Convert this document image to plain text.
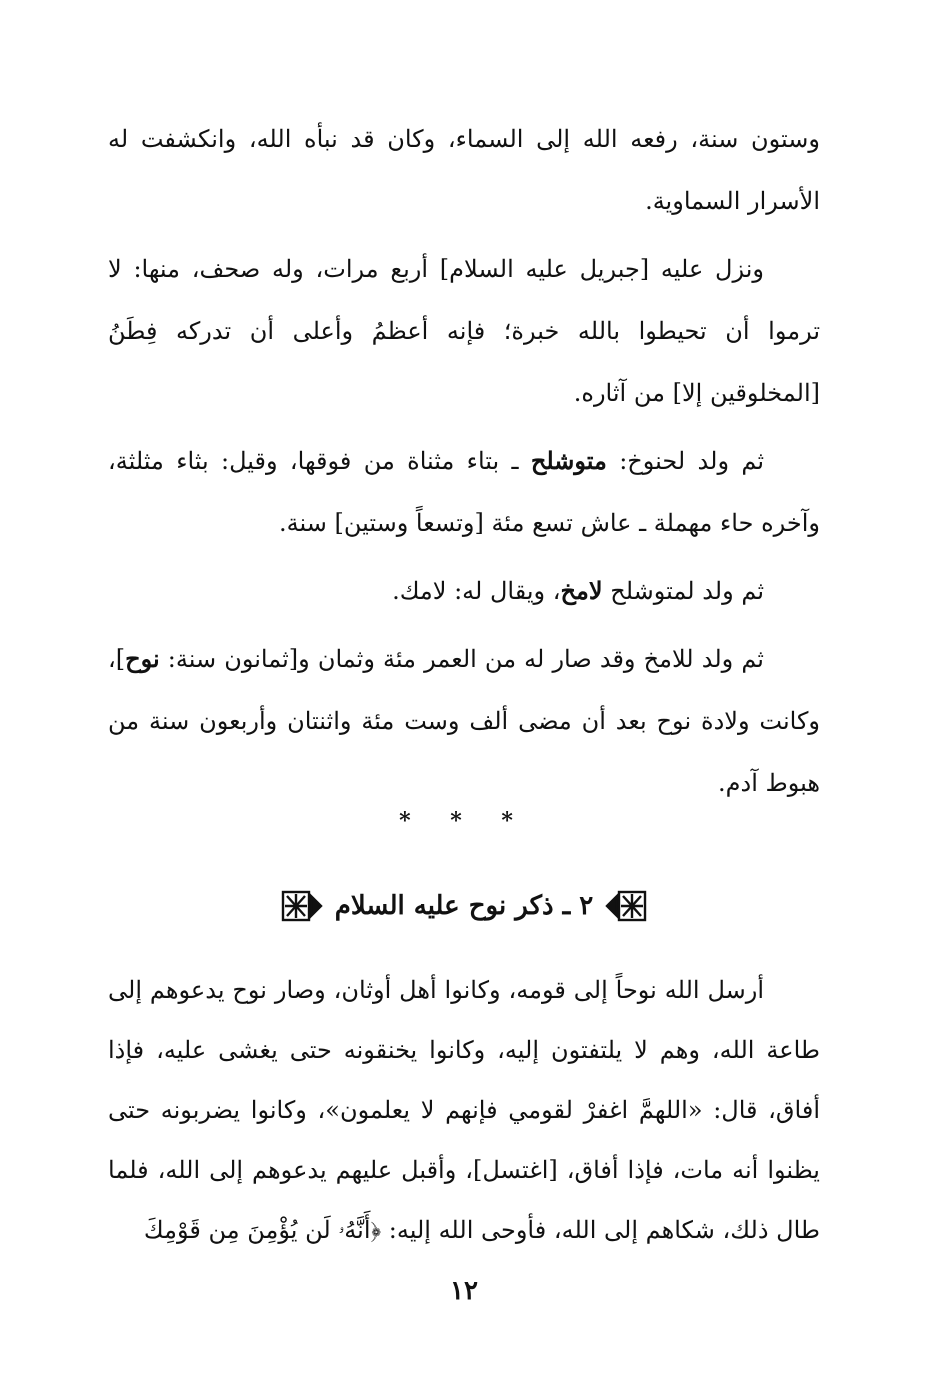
وستون سنة، رفعه الله إلى السماء، وكان قد نبأه الله، وانكشفت له الأسرار السماوية.

ونزل عليه [جبريل عليه السلام] أربع مرات، وله صحف، منها: لا ترموا أن تحيطوا بالله خبرة؛ فإنه أعظمُ وأعلى أن تدركه فِطَنُ [المخلوقين إلا] من آثاره.

ثم ولد لحنوخ: متوشلح ـ بتاء مثناة من فوقها، وقيل: بثاء مثلثة، وآخره حاء مهملة ـ عاش تسع مئة [وتسعاً وستين] سنة.

ثم ولد لمتوشلح لامخ، ويقال له: لامك.

ثم ولد للامخ وقد صار له من العمر مئة وثمان و[ثمانون سنة: نوح]، وكانت ولادة نوح بعد أن مضى ألف وست مئة واثنتان وأربعون سنة من هبوط آدم.

* * *
٢ ـ ذكر نوح عليه السلام

أرسل الله نوحاً إلى قومه، وكانوا أهل أوثان، وصار نوح يدعوهم إلى طاعة الله، وهم لا يلتفتون إليه، وكانوا يخنقونه حتى يغشى عليه، فإذا أفاق، قال: «اللهمَّ اغفرْ لقومي فإنهم لا يعلمون»، وكانوا يضربونه حتى يظنوا أنه مات، فإذا أفاق، [اغتسل]، وأقبل عليهم يدعوهم إلى الله، فلما طال ذلك، شكاهم إلى الله، فأوحى الله إليه: ﴿أَنَّهُۥ لَن يُؤْمِنَ مِن قَوْمِكَ

١٢
